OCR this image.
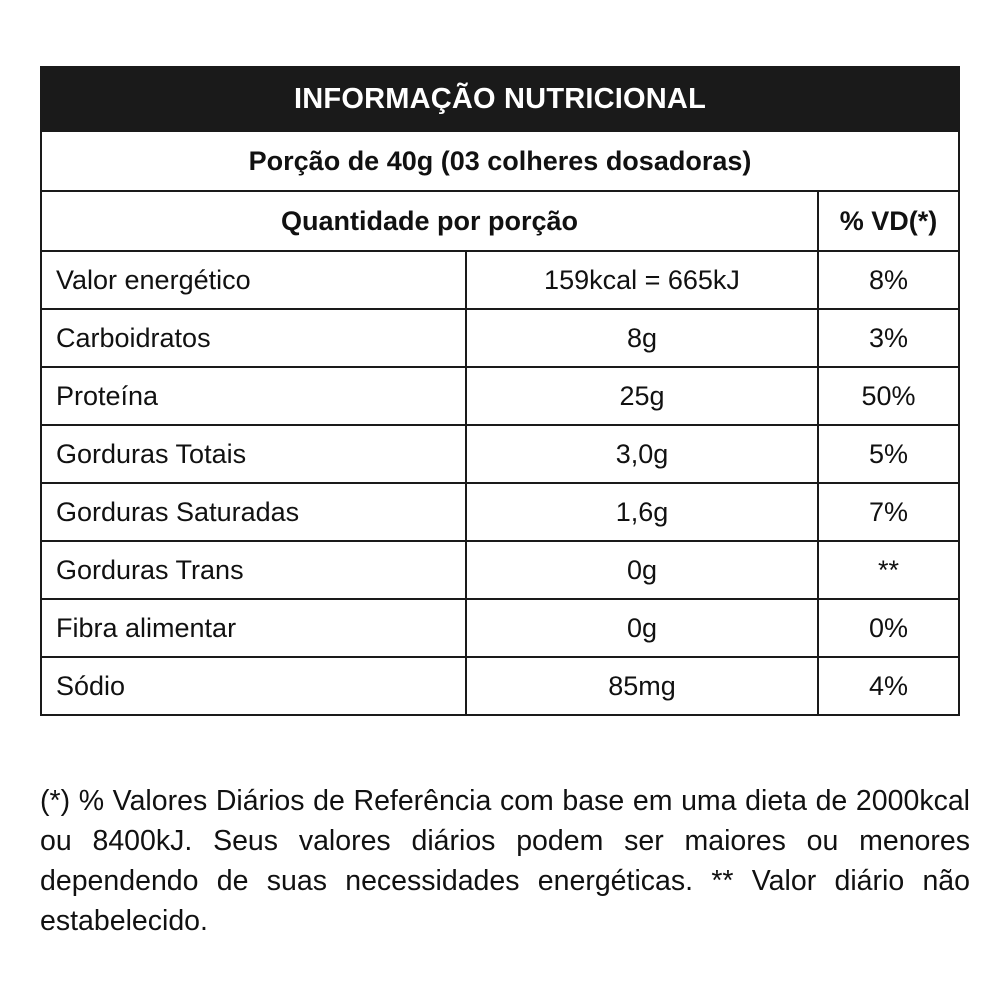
INFORMAÇÃO NUTRICIONAL		
Porção de 40g (03 colheres dosadoras)		
Quantidade por porção		% VD(*)
Valor energético	159kcal = 665kJ	8%
Carboidratos	8g	3%
Proteína	25g	50%
Gorduras Totais	3,0g	5%
Gorduras Saturadas	1,6g	7%
Gorduras Trans	0g	**
Fibra alimentar	0g	0%
Sódio	85mg	4%

(*) % Valores Diários de Referência com base em uma dieta de 2000kcal ou 8400kJ. Seus valores diários podem ser maiores ou menores dependendo de suas necessidades energéticas. ** Valor diário não estabelecido.
